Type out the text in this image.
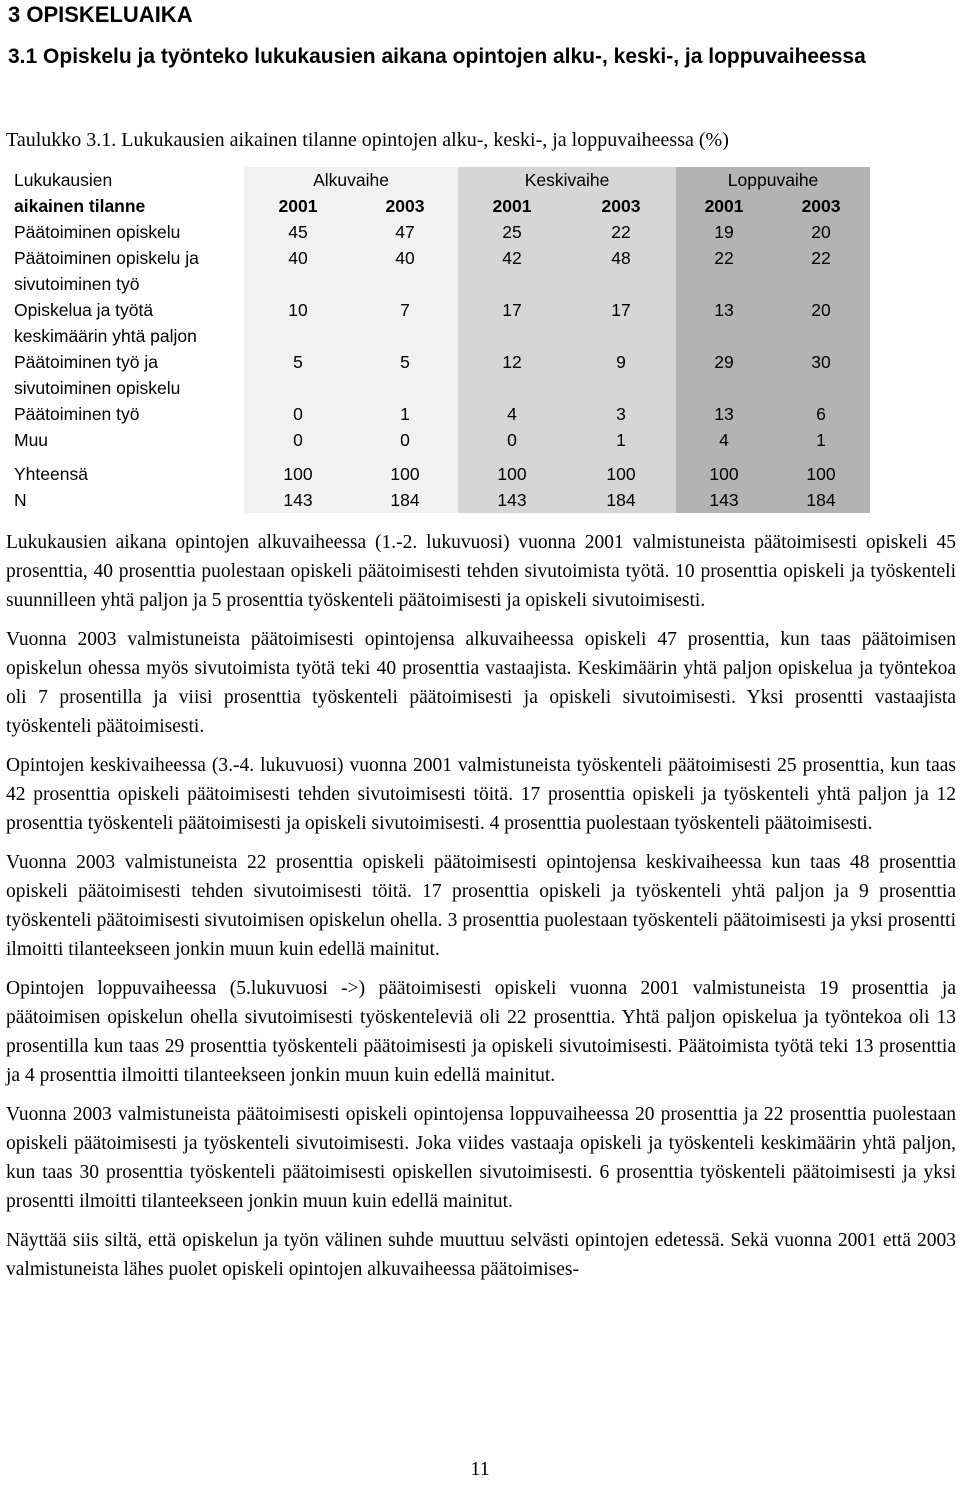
3 OPISKELUAIKA
3.1 Opiskelu ja työnteko lukukausien aikana opintojen alku-, keski-, ja loppuvaiheessa

Taulukko 3.1. Lukukausien aikainen tilanne opintojen alku-, keski-, ja loppuvaiheessa (%)

Lukukausien	Alkuvaihe		Keskivaihe		Loppuvaihe	
aikainen tilanne	2001	2003	2001	2003	2001	2003
Päätoiminen opiskelu	45	47	25	22	19	20
Päätoiminen opiskelu ja sivutoiminen työ	40	40	42	48	22	22
Opiskelua ja työtä keskimäärin yhtä paljon	10	7	17	17	13	20
Päätoiminen työ ja sivutoiminen opiskelu	5	5	12	9	29	30
Päätoiminen työ	0	1	4	3	13	6
Muu	0	0	0	1	4	1

Yhteensä	100	100	100	100	100	100
N	143	184	143	184	143	184

Lukukausien aikana opintojen alkuvaiheessa (1.-2. lukuvuosi) vuonna 2001 valmistuneista päätoimisesti opiskeli 45 prosenttia, 40 prosenttia puolestaan opiskeli päätoimisesti tehden sivutoimista työtä. 10 prosenttia opiskeli ja työskenteli suunnilleen yhtä paljon ja 5 prosenttia työskenteli päätoimisesti ja opiskeli sivutoimisesti.

Vuonna 2003 valmistuneista päätoimisesti opintojensa alkuvaiheessa opiskeli 47 prosenttia, kun taas päätoimisen opiskelun ohessa myös sivutoimista työtä teki 40 prosenttia vastaajista. Keskimäärin yhtä paljon opiskelua ja työntekoa oli 7 prosentilla ja viisi prosenttia työskenteli päätoimisesti ja opiskeli sivutoimisesti. Yksi prosentti vastaajista työskenteli päätoimisesti.

Opintojen keskivaiheessa (3.-4. lukuvuosi) vuonna 2001 valmistuneista työskenteli päätoimisesti 25 prosenttia, kun taas 42 prosenttia opiskeli päätoimisesti tehden sivutoimisesti töitä. 17 prosenttia opiskeli ja työskenteli yhtä paljon ja 12 prosenttia työskenteli päätoimisesti ja opiskeli sivutoimisesti. 4 prosenttia puolestaan työskenteli päätoimisesti.

Vuonna 2003 valmistuneista 22 prosenttia opiskeli päätoimisesti opintojensa keskivaiheessa kun taas 48 prosenttia opiskeli päätoimisesti tehden sivutoimisesti töitä. 17 prosenttia opiskeli ja työskenteli yhtä paljon ja 9 prosenttia työskenteli päätoimisesti sivutoimisen opiskelun ohella. 3 prosenttia puolestaan työskenteli päätoimisesti ja yksi prosentti ilmoitti tilanteekseen jonkin muun kuin edellä mainitut.

Opintojen loppuvaiheessa (5.lukuvuosi ->) päätoimisesti opiskeli vuonna 2001 valmistuneista 19 prosenttia ja päätoimisen opiskelun ohella sivutoimisesti työskenteleviä oli 22 prosenttia. Yhtä paljon opiskelua ja työntekoa oli 13 prosentilla kun taas 29 prosenttia työskenteli päätoimisesti ja opiskeli sivutoimisesti. Päätoimista työtä teki 13 prosenttia ja 4 prosenttia ilmoitti tilanteekseen jonkin muun kuin edellä mainitut.

Vuonna 2003 valmistuneista päätoimisesti opiskeli opintojensa loppuvaiheessa 20 prosenttia ja 22 prosenttia puolestaan opiskeli päätoimisesti ja työskenteli sivutoimisesti. Joka viides vastaaja opiskeli ja työskenteli keskimäärin yhtä paljon, kun taas 30 prosenttia työskenteli päätoimisesti opiskellen sivutoimisesti. 6 prosenttia työskenteli päätoimisesti ja yksi prosentti ilmoitti tilanteekseen jonkin muun kuin edellä mainitut.

Näyttää siis siltä, että opiskelun ja työn välinen suhde muuttuu selvästi opintojen edetessä. Sekä vuonna 2001 että 2003 valmistuneista lähes puolet opiskeli opintojen alkuvaiheessa päätoimises-

11
